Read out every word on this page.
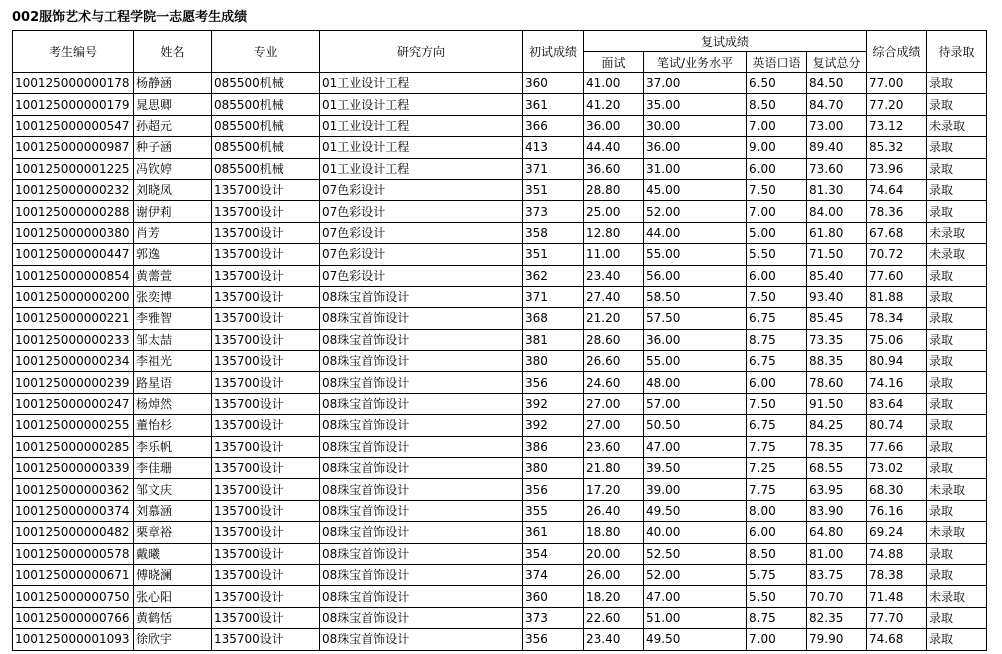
002服饰艺术与工程学院一志愿考生成绩
考生编号	姓名	专业	研究方向	初试成绩	复试成绩				综合成绩	待录取
					面试	笔试/业务水平	英语口语	复试总分		
100125000000178	杨静涵	085500机械	01工业设计工程	360	41.00	37.00	6.50	84.50	77.00	录取
100125000000179	晁思卿	085500机械	01工业设计工程	361	41.20	35.00	8.50	84.70	77.20	录取
100125000000547	孙超元	085500机械	01工业设计工程	366	36.00	30.00	7.00	73.00	73.12	未录取
100125000000987	种子涵	085500机械	01工业设计工程	413	44.40	36.00	9.00	89.40	85.32	录取
100125000001225	冯钦婷	085500机械	01工业设计工程	371	36.60	31.00	6.00	73.60	73.96	录取
100125000000232	刘晓凤	135700设计	07色彩设计	351	28.80	45.00	7.50	81.30	74.64	录取
100125000000288	谢伊莉	135700设计	07色彩设计	373	25.00	52.00	7.00	84.00	78.36	录取
100125000000380	肖芳	135700设计	07色彩设计	358	12.80	44.00	5.00	61.80	67.68	未录取
100125000000447	郭逸	135700设计	07色彩设计	351	11.00	55.00	5.50	71.50	70.72	未录取
100125000000854	黄薷萱	135700设计	07色彩设计	362	23.40	56.00	6.00	85.40	77.60	录取
100125000000200	张奕博	135700设计	08珠宝首饰设计	371	27.40	58.50	7.50	93.40	81.88	录取
100125000000221	李雅智	135700设计	08珠宝首饰设计	368	21.20	57.50	6.75	85.45	78.34	录取
100125000000233	邹太喆	135700设计	08珠宝首饰设计	381	28.60	36.00	8.75	73.35	75.06	录取
100125000000234	李祖光	135700设计	08珠宝首饰设计	380	26.60	55.00	6.75	88.35	80.94	录取
100125000000239	路星语	135700设计	08珠宝首饰设计	356	24.60	48.00	6.00	78.60	74.16	录取
100125000000247	杨焯然	135700设计	08珠宝首饰设计	392	27.00	57.00	7.50	91.50	83.64	录取
100125000000255	董怡杉	135700设计	08珠宝首饰设计	392	27.00	50.50	6.75	84.25	80.74	录取
100125000000285	李乐帆	135700设计	08珠宝首饰设计	386	23.60	47.00	7.75	78.35	77.66	录取
100125000000339	李佳珊	135700设计	08珠宝首饰设计	380	21.80	39.50	7.25	68.55	73.02	录取
100125000000362	邹文庆	135700设计	08珠宝首饰设计	356	17.20	39.00	7.75	63.95	68.30	未录取
100125000000374	刘慕涵	135700设计	08珠宝首饰设计	355	26.40	49.50	8.00	83.90	76.16	录取
100125000000482	栗章裕	135700设计	08珠宝首饰设计	361	18.80	40.00	6.00	64.80	69.24	未录取
100125000000578	戴曦	135700设计	08珠宝首饰设计	354	20.00	52.50	8.50	81.00	74.88	录取
100125000000671	傅晓澜	135700设计	08珠宝首饰设计	374	26.00	52.00	5.75	83.75	78.38	录取
100125000000750	张心阳	135700设计	08珠宝首饰设计	360	18.20	47.00	5.50	70.70	71.48	未录取
100125000000766	黄鹤恬	135700设计	08珠宝首饰设计	373	22.60	51.00	8.75	82.35	77.70	录取
100125000001093	徐欣宇	135700设计	08珠宝首饰设计	356	23.40	49.50	7.00	79.90	74.68	录取
